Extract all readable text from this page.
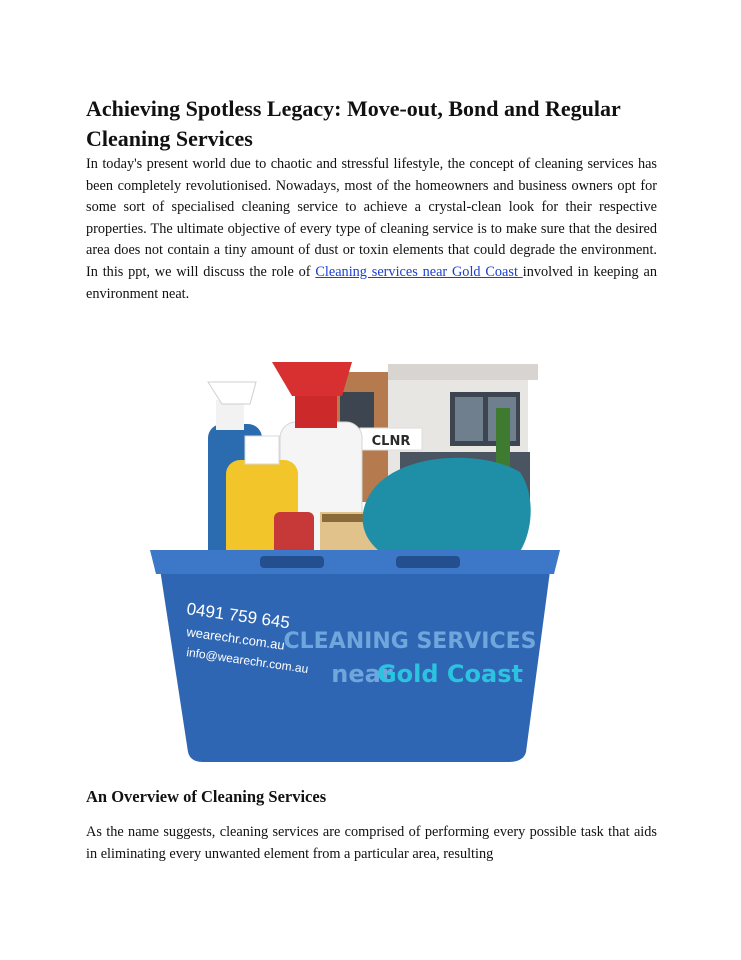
Achieving Spotless Legacy: Move-out, Bond and Regular Cleaning Services

In today's present world due to chaotic and stressful lifestyle, the concept of cleaning services has been completely revolutionised. Nowadays, most of the homeowners and business owners opt for some sort of specialised cleaning service to achieve a crystal-clean look for their respective properties. The ultimate objective of every type of cleaning service is to make sure that the desired area does not contain a tiny amount of dust or toxin elements that could degrade the environment. In this ppt, we will discuss the role of Cleaning services near Gold Coast involved in keeping an environment neat.

CLNR
0491 759 645
wearechr.com.au
info@wearechr.com.au
CLEANING SERVICES
near
Gold Coast
An Overview of Cleaning Services

As the name suggests, cleaning services are comprised of performing every possible task that aids in eliminating every unwanted element from a particular area, resulting
